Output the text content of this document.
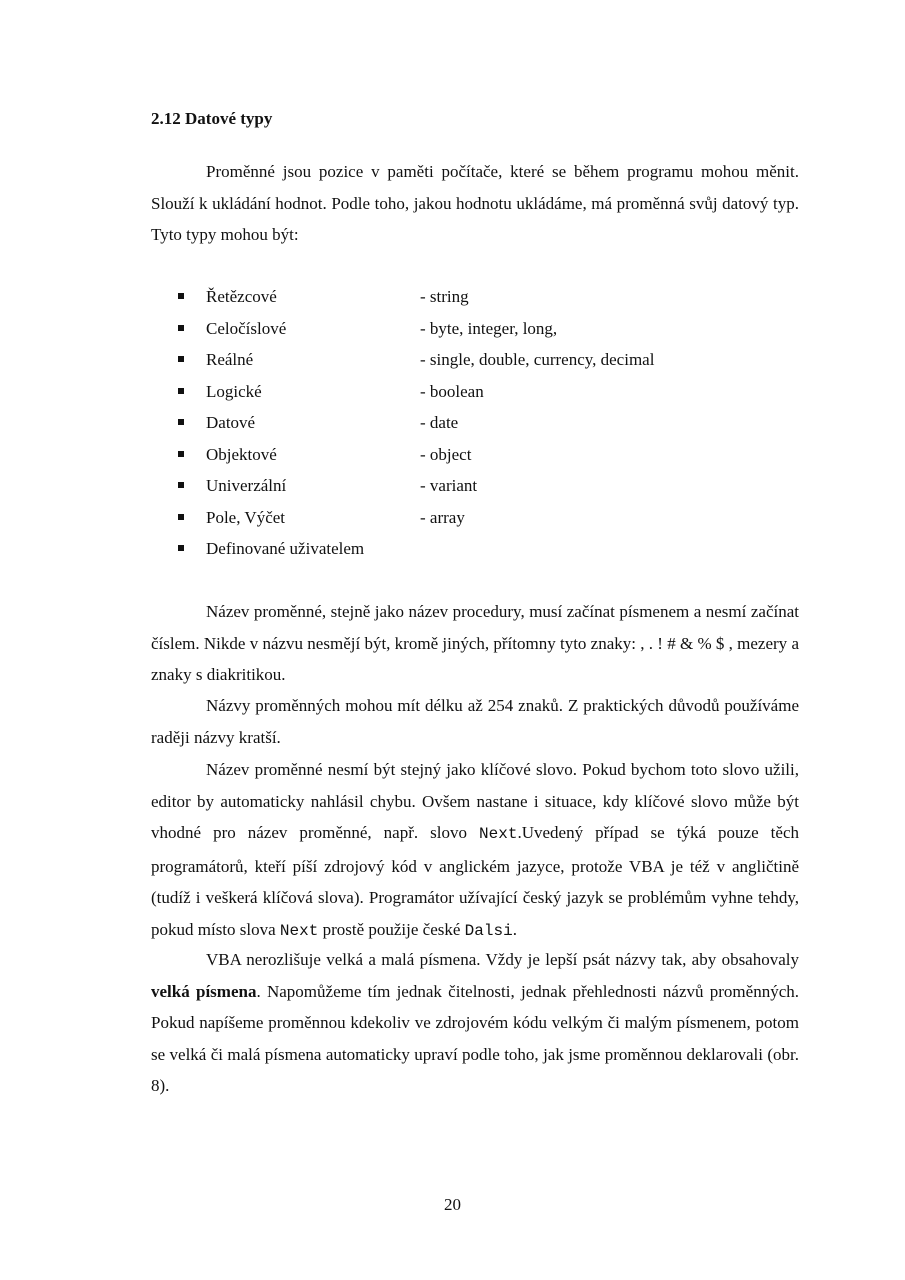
2.12 Datové typy

Proměnné jsou pozice v paměti počítače, které se během programu mohou měnit. Slouží k ukládání hodnot. Podle toho, jakou hodnotu ukládáme, má proměnná svůj datový typ. Tyto typy mohou být:

Řetězcové	- string
Celočíslové	- byte, integer, long,
Reálné	- single, double, currency, decimal
Logické	- boolean
Datové	- date
Objektové	- object
Univerzální	- variant
Pole, Výčet	- array
Definované uživatelem

Název proměnné, stejně jako název procedury, musí začínat písmenem a nesmí začínat číslem. Nikde v názvu nesmějí být, kromě jiných, přítomny tyto znaky: , . ! # & % $ , mezery a znaky s diakritikou.

Názvy proměnných mohou mít délku až 254 znaků. Z praktických důvodů používáme raději názvy kratší.

Název proměnné nesmí být stejný jako klíčové slovo. Pokud bychom toto slovo užili, editor by automaticky nahlásil chybu. Ovšem nastane i situace, kdy klíčové slovo může být vhodné pro název proměnné, např. slovo Next.Uvedený případ se týká pouze těch programátorů, kteří píší zdrojový kód v anglickém jazyce, protože VBA je též v angličtině (tudíž i veškerá klíčová slova). Programátor užívající český jazyk se problémům vyhne tehdy, pokud místo slova Next prostě použije české Dalsi.

VBA nerozlišuje velká a malá písmena. Vždy je lepší psát názvy tak, aby obsahovaly velká písmena. Napomůžeme tím jednak čitelnosti, jednak přehlednosti názvů proměnných. Pokud napíšeme proměnnou kdekoliv ve zdrojovém kódu velkým či malým písmenem, potom se velká či malá písmena automaticky upraví podle toho, jak jsme proměnnou deklarovali (obr. 8).

20
